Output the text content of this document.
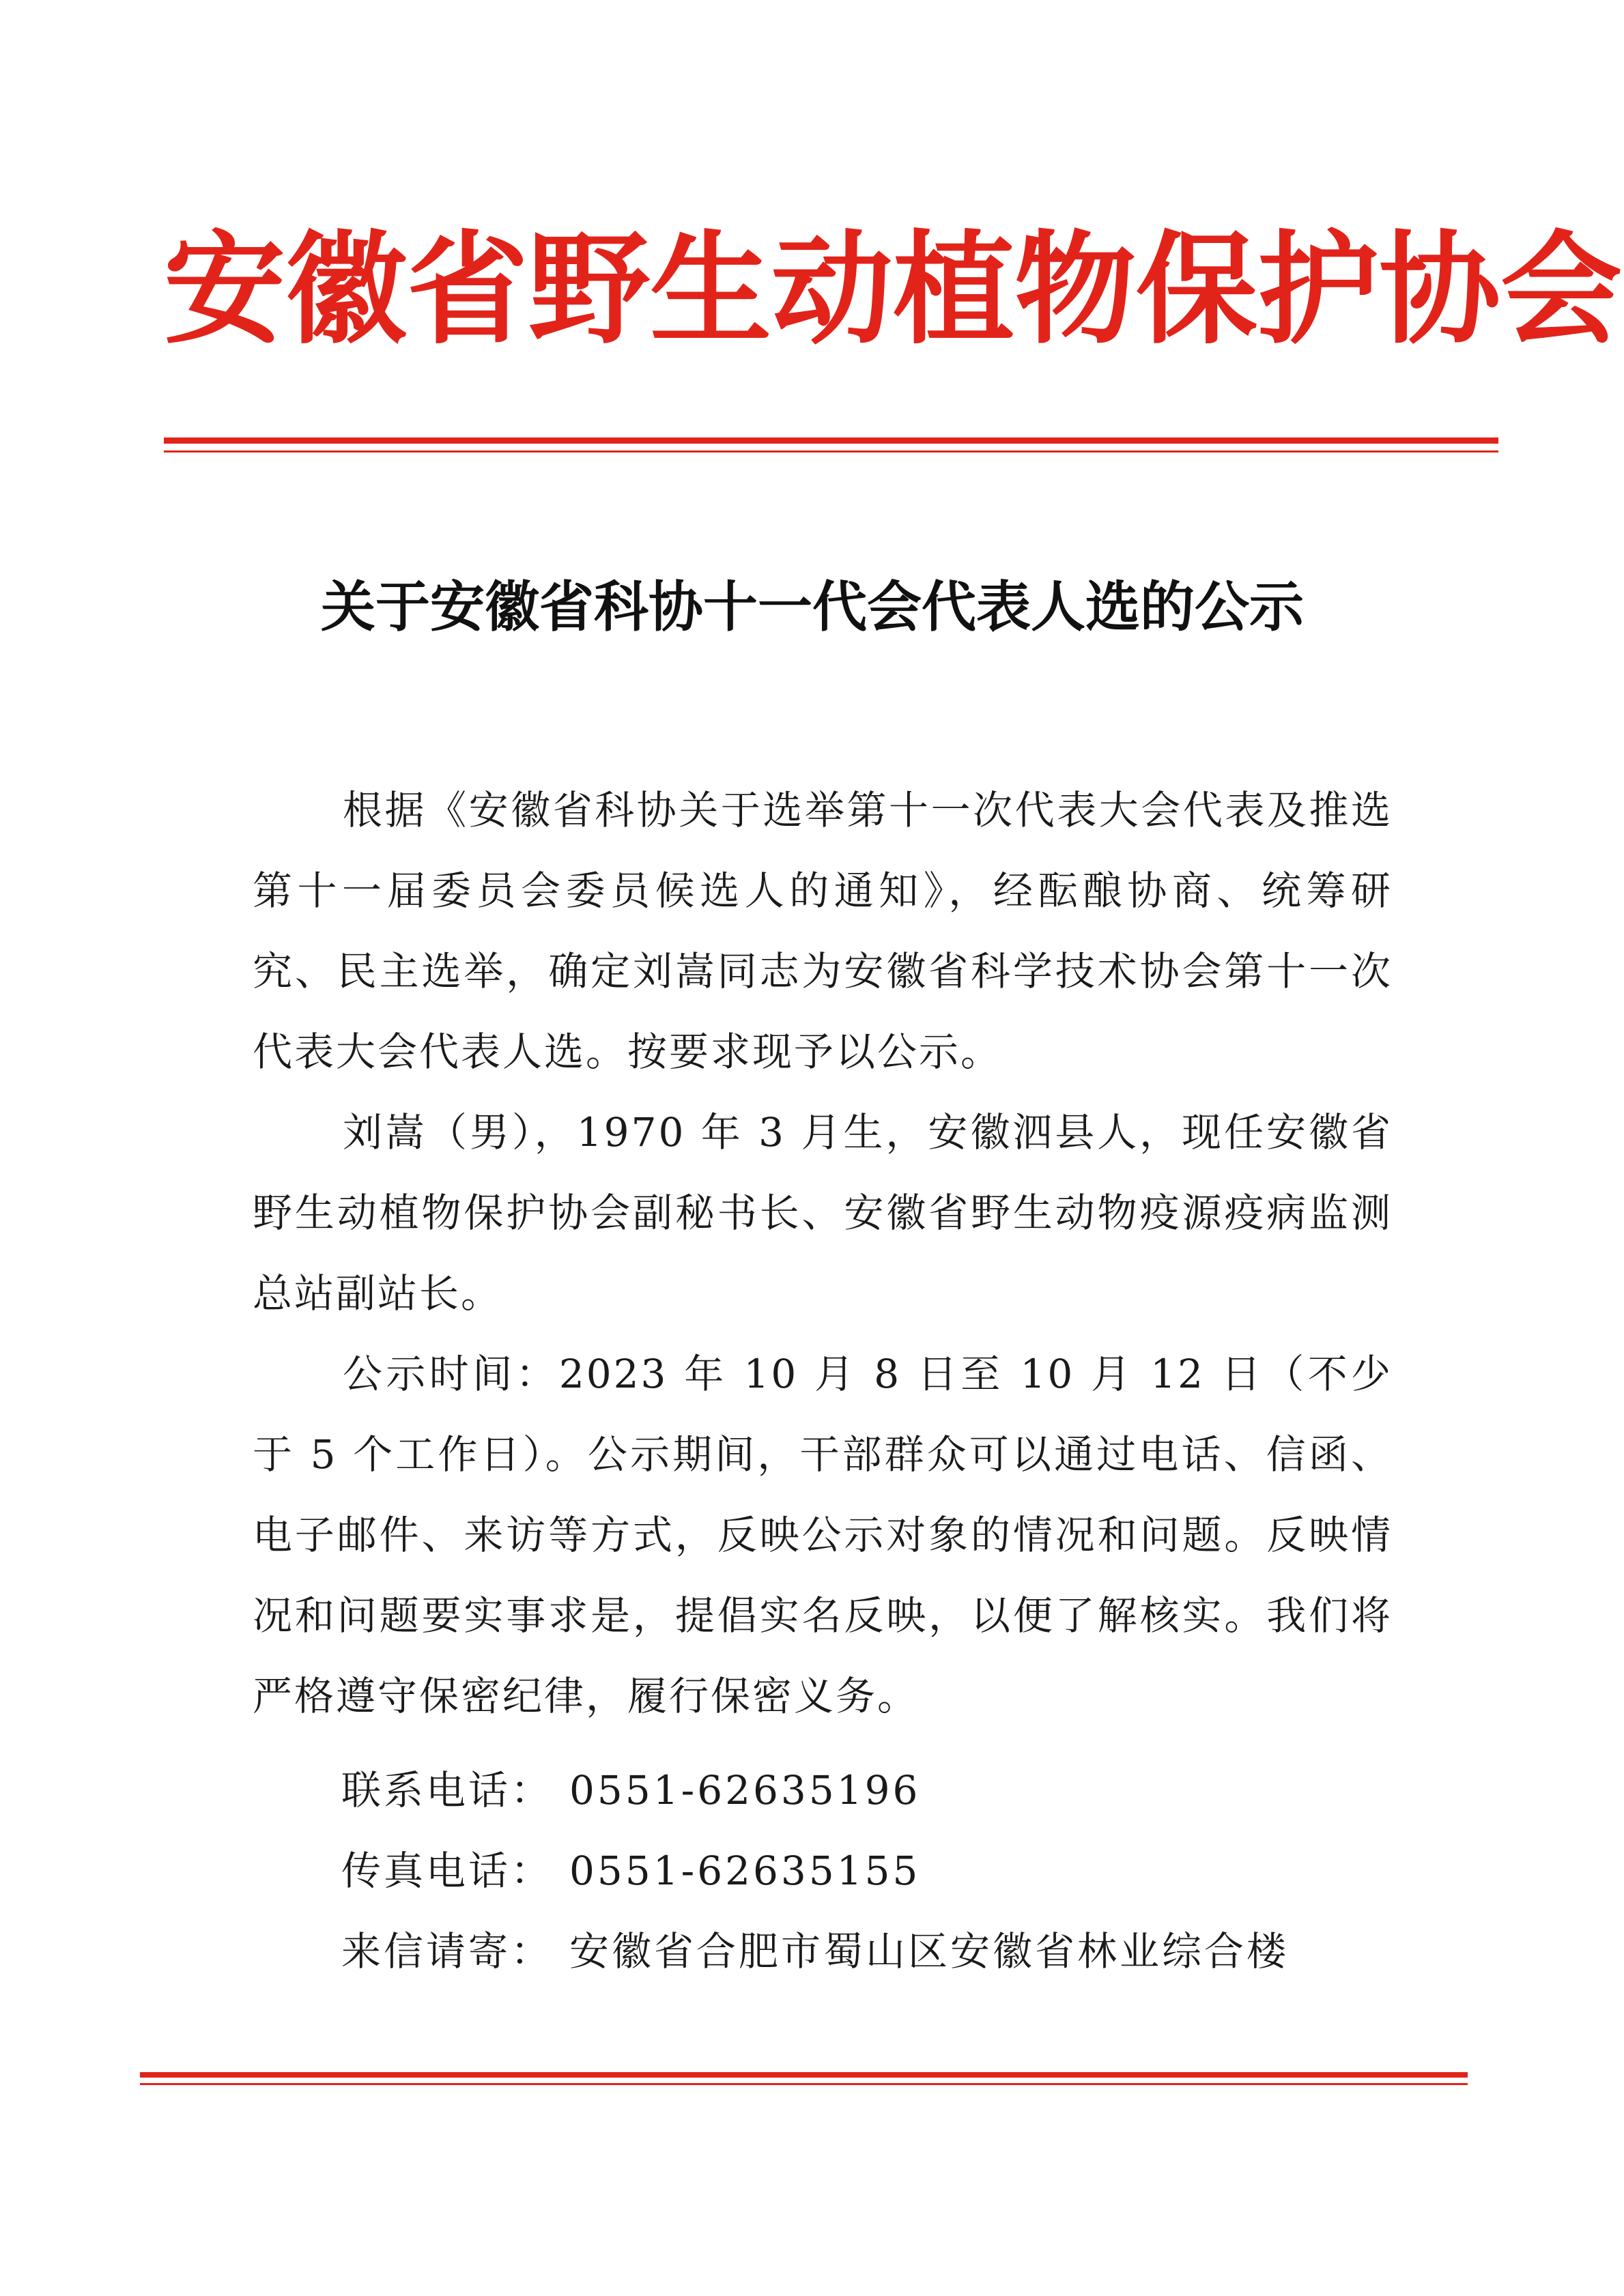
安徽省野生动植物保护协会
关于安徽省科协十一代会代表人选的公示

根据《安徽省科协关于选举第十一次代表大会代表及推选第十一届委员会委员候选人的通知》，经酝酿协商、统筹研究、民主选举，确定刘嵩同志为安徽省科学技术协会第十一次代表大会代表人选。按要求现予以公示。

刘嵩（男），1970 年 3 月生，安徽泗县人，现任安徽省野生动植物保护协会副秘书长、安徽省野生动物疫源疫病监测总站副站长。

公示时间：2023 年 10 月 8 日至 10 月 12 日（不少于 5 个工作日）。公示期间，干部群众可以通过电话、信函、电子邮件、来访等方式，反映公示对象的情况和问题。反映情况和问题要实事求是，提倡实名反映，以便了解核实。我们将严格遵守保密纪律，履行保密义务。

联系电话： 0551-62635196
传真电话： 0551-62635155
来信请寄： 安徽省合肥市蜀山区安徽省林业综合楼
